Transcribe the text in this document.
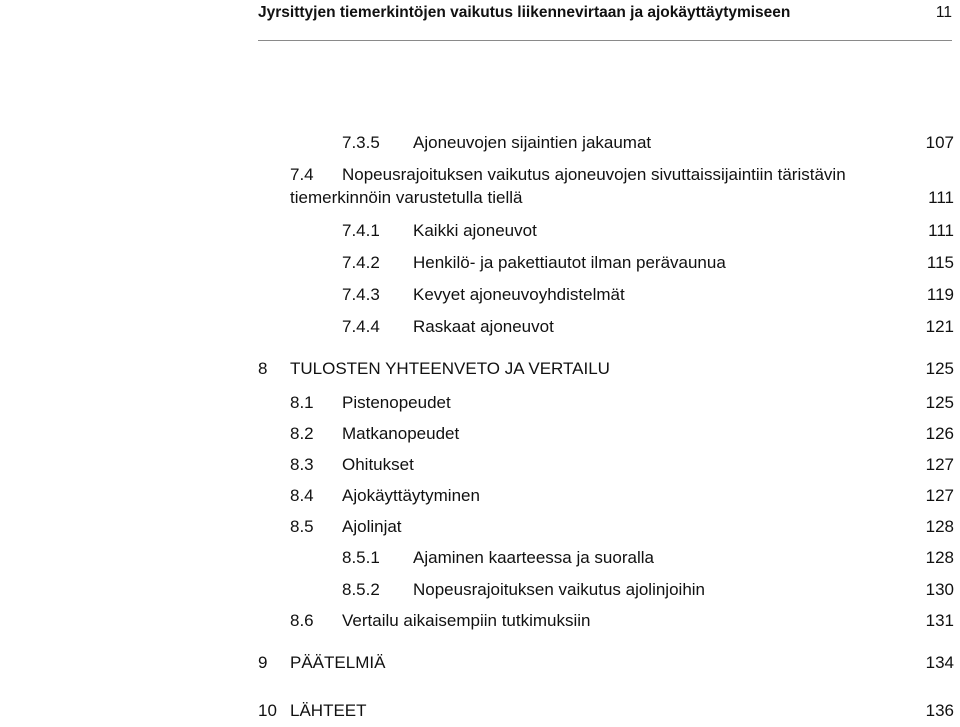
Jyrsittyjen tiemerkintöjen vaikutus liikennevirtaan ja ajokäyttäytymiseen	11
7.3.5 Ajoneuvojen sijaintien jakaumat	107
7.4 Nopeusrajoituksen vaikutus ajoneuvojen sivuttaissijaintiin täristävin
tiemerkinnöin varustetulla tiellä	111
7.4.1 Kaikki ajoneuvot	111
7.4.2 Henkilö- ja pakettiautot ilman perävaunua	115
7.4.3 Kevyet ajoneuvoyhdistelmät	119
7.4.4 Raskaat ajoneuvot	121
8 TULOSTEN YHTEENVETO JA VERTAILU	125
8.1 Pistenopeudet	125
8.2 Matkanopeudet	126
8.3 Ohitukset	127
8.4 Ajokäyttäytyminen	127
8.5 Ajolinjat	128
8.5.1 Ajaminen kaarteessa ja suoralla	128
8.5.2 Nopeusrajoituksen vaikutus ajolinjoihin	130
8.6 Vertailu aikaisempiin tutkimuksiin	131
9 PÄÄTELMIÄ	134
10 LÄHTEET	136
